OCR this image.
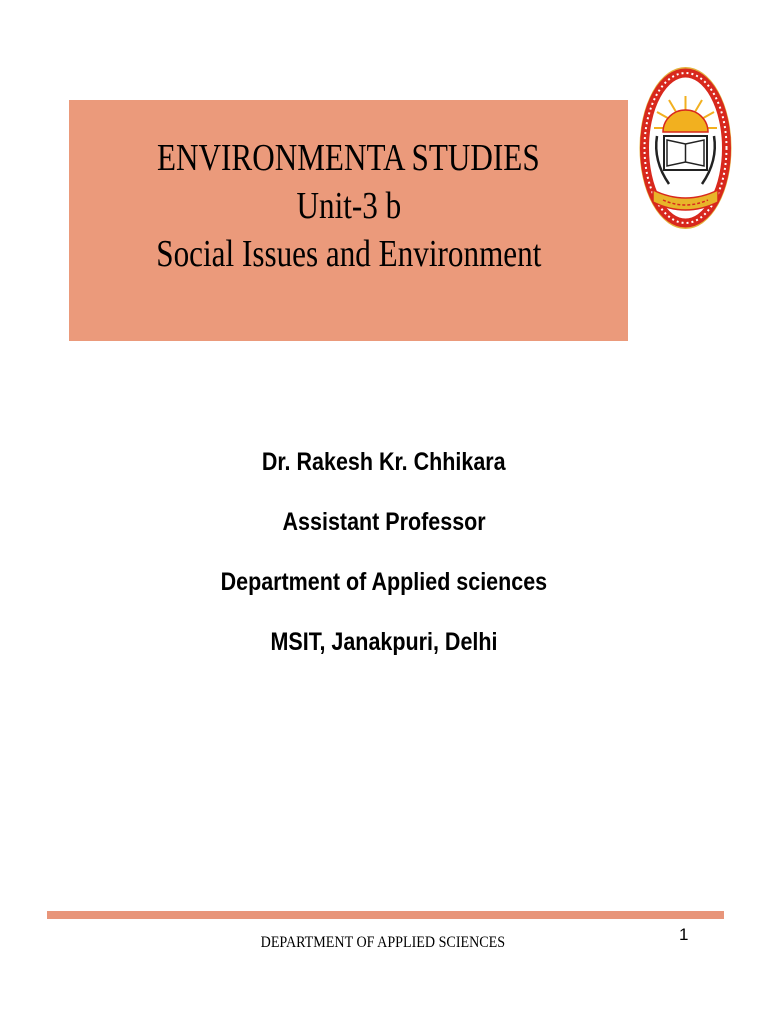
ENVIRONMENTA STUDIES
Unit-3 b
Social Issues and Environment
Dr. Rakesh Kr. Chhikara
Assistant Professor
Department of Applied sciences
MSIT, Janakpuri, Delhi
DEPARTMENT OF APPLIED SCIENCES	1
